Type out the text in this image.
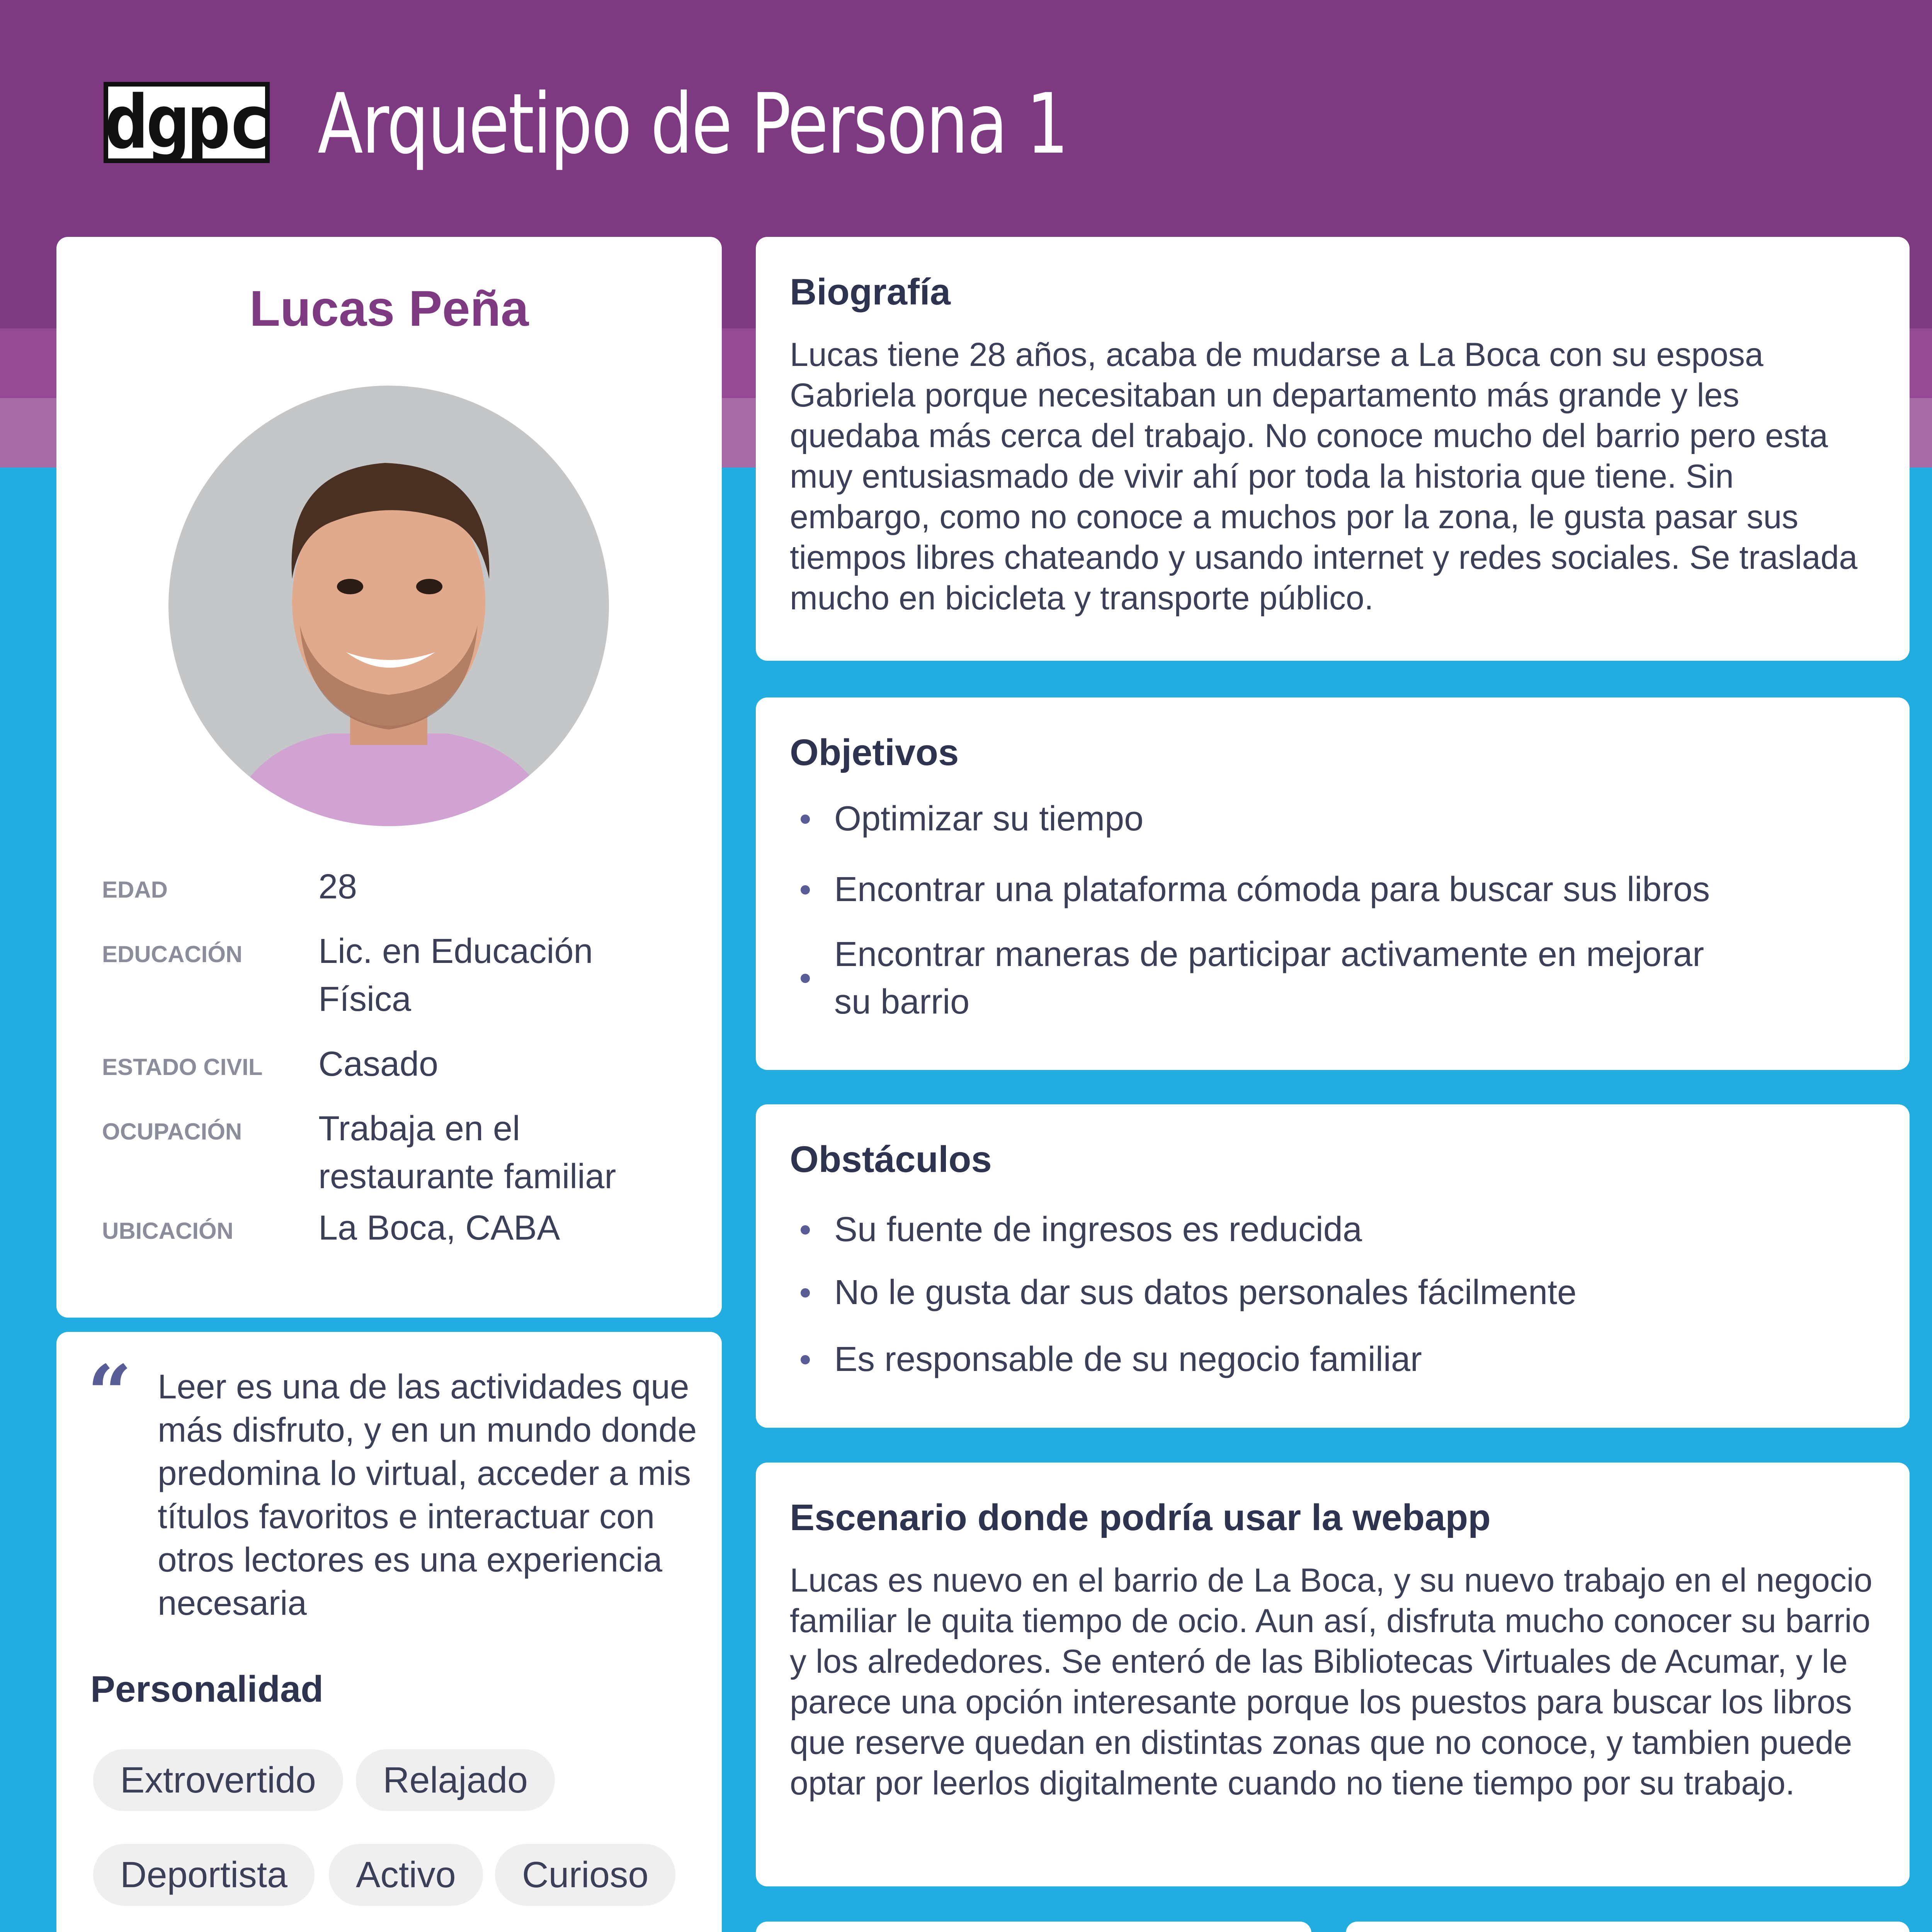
dgpc Arquetipo de Persona 1
Lucas Peña
EDAD	28
EDUCACIÓN Lic. en Educación Física
ESTADO CIVIL Casado
OCUPACIÓN Trabaja en el restaurante familiar
UBICACIÓN La Boca, CABA
“ Leer es una de las actividades que más disfruto, y en un mundo donde predomina lo virtual, acceder a mis títulos favoritos e interactuar con otros lectores es una experiencia necesaria
Personalidad
Extrovertido	Relajado
Deportista	Activo	Curioso
Biografía
Lucas tiene 28 años, acaba de mudarse a La Boca con su esposa Gabriela porque necesitaban un departamento más grande y les quedaba más cerca del trabajo. No conoce mucho del barrio pero esta muy entusiasmado de vivir ahí por toda la historia que tiene. Sin embargo, como no conoce a muchos por la zona, le gusta pasar sus tiempos libres chateando y usando internet y redes sociales. Se traslada mucho en bicicleta y transporte público.
Objetivos
Optimizar su tiempo
Encontrar una plataforma cómoda para buscar sus libros
Encontrar maneras de participar activamente en mejorar su barrio
Obstáculos
Su fuente de ingresos es reducida
No le gusta dar sus datos personales fácilmente
Es responsable de su negocio familiar
Escenario donde podría usar la webapp
Lucas es nuevo en el barrio de La Boca, y su nuevo trabajo en el negocio familiar le quita tiempo de ocio. Aun así, disfruta mucho conocer su barrio y los alrededores. Se enteró de las Bibliotecas Virtuales de Acumar, y le parece una opción interesante porque los puestos para buscar los libros que reserve quedan en distintas zonas que no conoce, y tambien puede optar por leerlos digitalmente cuando no tiene tiempo por su trabajo.
